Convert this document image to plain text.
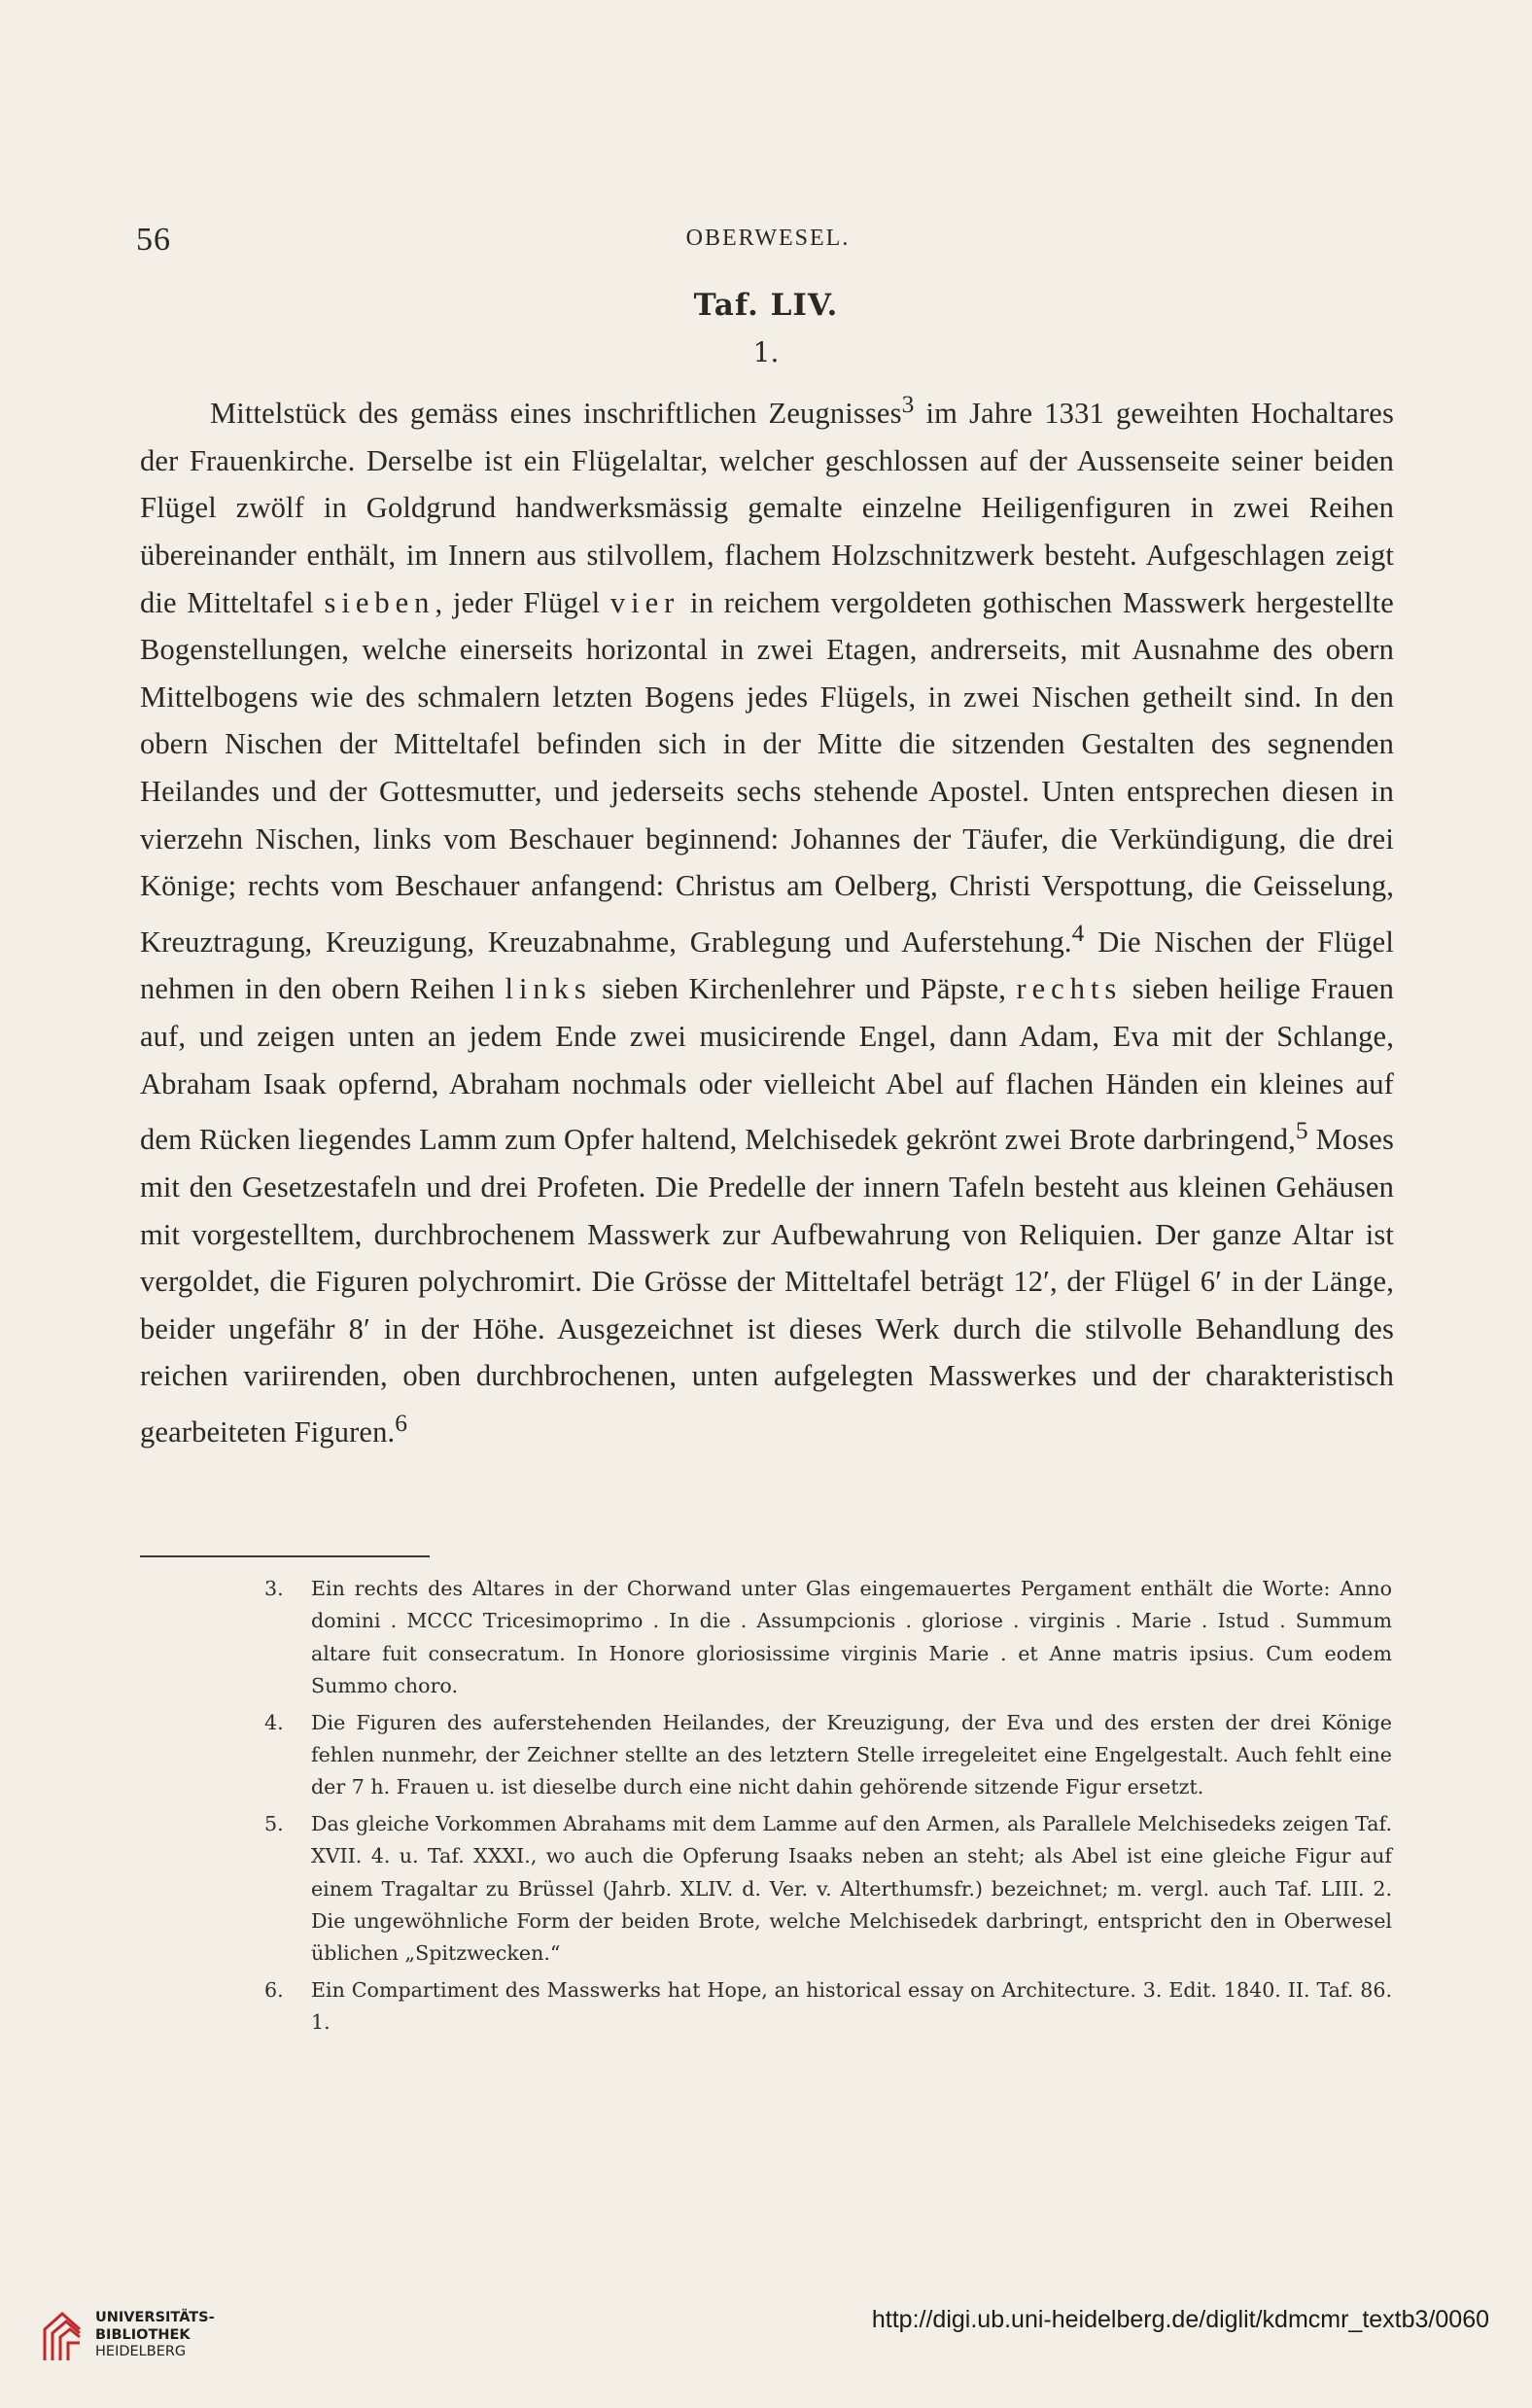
56	OBERWESEL.
Taf. LIV.
1.

Mittelstück des gemäss eines inschriftlichen Zeugnisses$^3$ im Jahre 1331 geweihten Hochaltares der Frauenkirche. Derselbe ist ein Flügelaltar, welcher geschlossen auf der Aussenseite seiner beiden Flügel zwölf in Goldgrund handwerksmässig gemalte einzelne Heiligenfiguren in zwei Reihen übereinander enthält, im Innern aus stilvollem, flachem Holzschnitzwerk besteht. Aufgeschlagen zeigt die Mitteltafel sieben, jeder Flügel vier in reichem vergoldeten gothischen Masswerk hergestellte Bogenstellungen, welche einerseits horizontal in zwei Etagen, andrerseits, mit Ausnahme des obern Mittelbogens wie des schmalern letzten Bogens jedes Flügels, in zwei Nischen getheilt sind. In den obern Nischen der Mitteltafel befinden sich in der Mitte die sitzenden Gestalten des segnenden Heilandes und der Gottesmutter, und jederseits sechs stehende Apostel. Unten entsprechen diesen in vierzehn Nischen, links vom Beschauer beginnend: Johannes der Täufer, die Verkündigung, die drei Könige; rechts vom Beschauer anfangend: Christus am Oelberg, Christi Verspottung, die Geisselung, Kreuztragung, Kreuzigung, Kreuzabnahme, Grablegung und Auferstehung.$^4$ Die Nischen der Flügel nehmen in den obern Reihen links sieben Kirchenlehrer und Päpste, rechts sieben heilige Frauen auf, und zeigen unten an jedem Ende zwei musicirende Engel, dann Adam, Eva mit der Schlange, Abraham Isaak opfernd, Abraham nochmals oder vielleicht Abel auf flachen Händen ein kleines auf dem Rücken liegendes Lamm zum Opfer haltend, Melchisedek gekrönt zwei Brote darbringend,$^5$ Moses mit den Gesetzestafeln und drei Profeten. Die Predelle der innern Tafeln besteht aus kleinen Gehäusen mit vorgestelltem, durchbrochenem Masswerk zur Aufbewahrung von Reliquien. Der ganze Altar ist vergoldet, die Figuren polychromirt. Die Grösse der Mitteltafel beträgt 12′, der Flügel 6′ in der Länge, beider ungefähr 8′ in der Höhe. Ausgezeichnet ist dieses Werk durch die stilvolle Behandlung des reichen variirenden, oben durchbrochenen, unten aufgelegten Masswerkes und der charakteristisch gearbeiteten Figuren.$^6$

3. Ein rechts des Altares in der Chorwand unter Glas eingemauertes Pergament enthält die Worte: Anno domini . MCCC Tricesimoprimo . In die . Assumpcionis . gloriose . virginis . Marie . Istud . Summum altare fuit consecratum. In Honore gloriosissime virginis Marie . et Anne matris ipsius. Cum eodem Summo choro.
4. Die Figuren des auferstehenden Heilandes, der Kreuzigung, der Eva und des ersten der drei Könige fehlen nunmehr, der Zeichner stellte an des letztern Stelle irregeleitet eine Engelgestalt. Auch fehlt eine der 7 h. Frauen u. ist dieselbe durch eine nicht dahin gehörende sitzende Figur ersetzt.
5. Das gleiche Vorkommen Abrahams mit dem Lamme auf den Armen, als Parallele Melchisedeks zeigen Taf. XVII. 4. u. Taf. XXXI., wo auch die Opferung Isaaks neben an steht; als Abel ist eine gleiche Figur auf einem Tragaltar zu Brüssel (Jahrb. XLIV. d. Ver. v. Alterthumsfr.) bezeichnet; m. vergl. auch Taf. LIII. 2. Die ungewöhnliche Form der beiden Brote, welche Melchisedek darbringt, entspricht den in Oberwesel üblichen „Spitzwecken.“
6. Ein Compartiment des Masswerks hat Hope, an historical essay on Architecture. 3. Edit. 1840. II. Taf. 86. 1.
UNIVERSITÄTS-
BIBLIOTHEK
HEIDELBERG
http://digi.ub.uni-heidelberg.de/diglit/kdmcmr_textb3/0060
